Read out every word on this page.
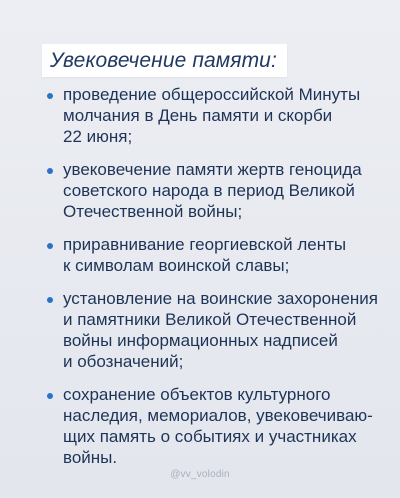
Увековечение памяти:
проведение общероссийской Минуты
молчания в День памяти и скорби
22 июня;
увековечение памяти жертв геноцида
советского народа в период Великой
Отечественной войны;
приравнивание георгиевской ленты
к символам воинской славы;
установление на воинские захоронения
и памятники Великой Отечественной
войны информационных надписей
и обозначений;
сохранение объектов культурного
наследия, мемориалов, увековечиваю-
щих память о событиях и участниках
войны.
@vv_volodin
